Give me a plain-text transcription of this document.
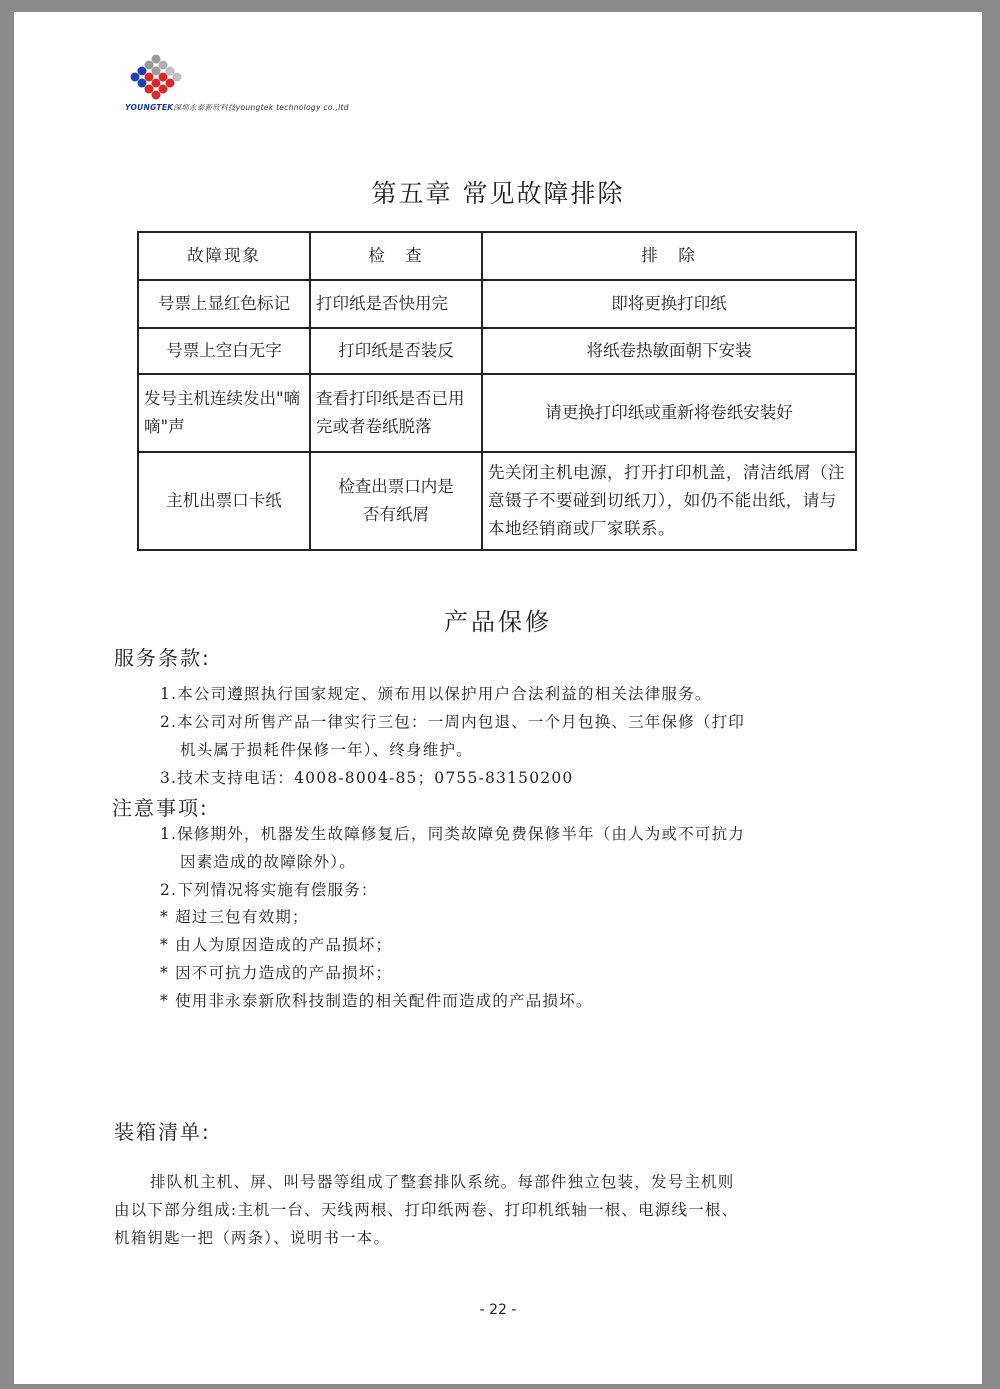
YOUNGTEK深圳永泰新欣科技youngtek technology co.,ltd
第五章 常见故障排除
故障现象	检　查	排　除
号票上显红色标记	打印纸是否快用完	即将更换打印纸
号票上空白无字	打印纸是否装反	将纸卷热敏面朝下安装
发号主机连续发出"嘀嘀"声	查看打印纸是否已用完或者卷纸脱落	请更换打印纸或重新将卷纸安装好
主机出票口卡纸	检查出票口内是否有纸屑	先关闭主机电源，打开打印机盖，清洁纸屑（注意镊子不要碰到切纸刀），如仍不能出纸，请与本地经销商或厂家联系。
产品保修
服务条款:
1.本公司遵照执行国家规定、颁布用以保护用户合法利益的相关法律服务。
2.本公司对所售产品一律实行三包：一周内包退、一个月包换、三年保修（打印
机头属于损耗件保修一年）、终身维护。
3.技术支持电话：4008-8004-85；0755-83150200
注意事项:
1.保修期外，机器发生故障修复后，同类故障免费保修半年（由人为或不可抗力
因素造成的故障除外）。
2.下列情况将实施有偿服务：
* 超过三包有效期；
* 由人为原因造成的产品损坏；
* 因不可抗力造成的产品损坏；
* 使用非永泰新欣科技制造的相关配件而造成的产品损坏。
装箱清单:
排队机主机、屏、叫号器等组成了整套排队系统。每部件独立包装，发号主机则
由以下部分组成:主机一台、天线两根、打印纸两卷、打印机纸轴一根、电源线一根、
机箱钥匙一把（两条）、说明书一本。
- 22 -
